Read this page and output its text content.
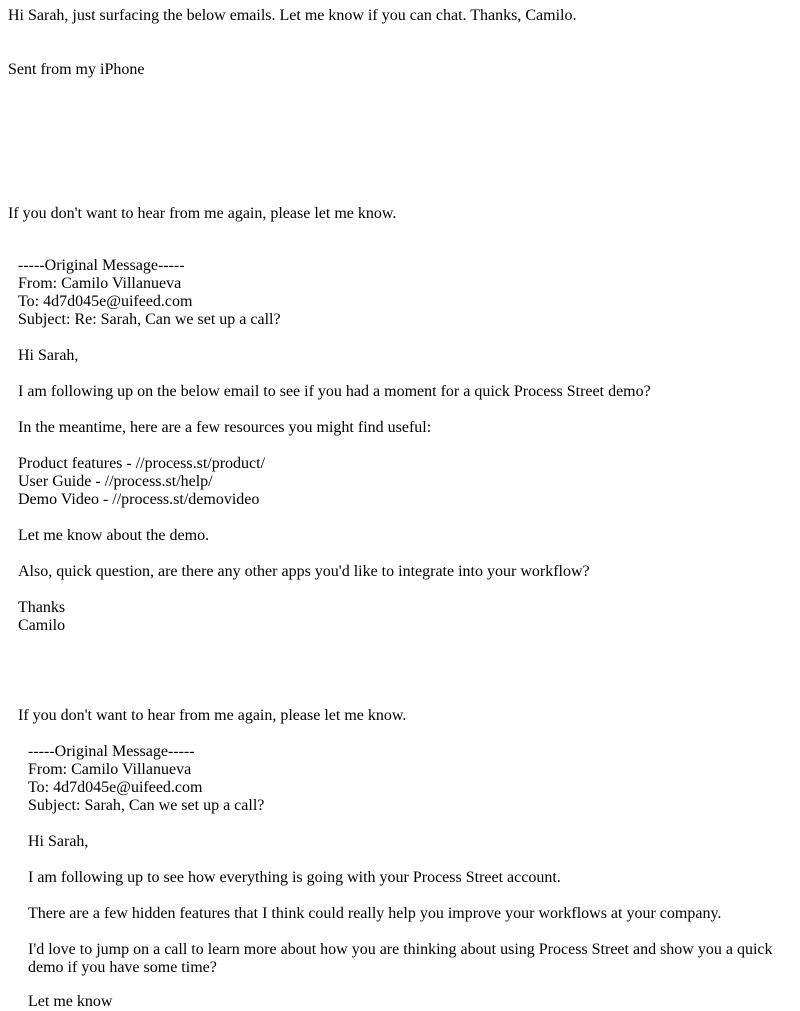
Hi Sarah, just surfacing the below emails. Let me know if you can chat. Thanks, Camilo.

Sent from my iPhone

If you don't want to hear from me again, please let me know.

-----Original Message-----

From: Camilo Villanueva

To: 4d7d045e@uifeed.com

Subject: Re: Sarah, Can we set up a call?

Hi Sarah,

I am following up on the below email to see if you had a moment for a quick Process Street demo?

In the meantime, here are a few resources you might find useful:

Product features - //process.st/product/

User Guide - //process.st/help/

Demo Video - //process.st/demovideo

Let me know about the demo.

Also, quick question, are there any other apps you'd like to integrate into your workflow?

Thanks

Camilo

If you don't want to hear from me again, please let me know.

-----Original Message-----

From: Camilo Villanueva

To: 4d7d045e@uifeed.com

Subject: Sarah, Can we set up a call?

Hi Sarah,

I am following up to see how everything is going with your Process Street account.

There are a few hidden features that I think could really help you improve your workflows at your company.

I'd love to jump on a call to learn more about how you are thinking about using Process Street and show you a quick demo if you have some time?

Let me know
